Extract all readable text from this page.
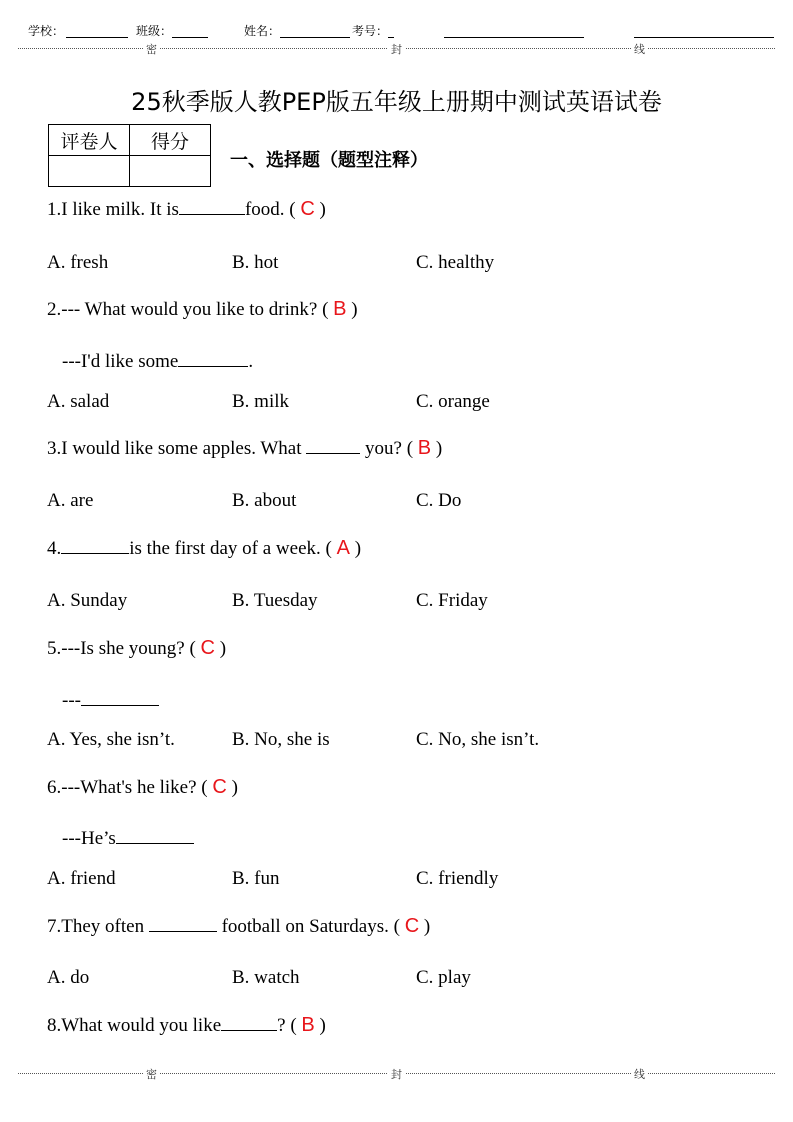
学校：	班级：	姓名：	考号：
密	封	线
25秋季版人教PEP版五年级上册期中测试英语试卷
评卷人	得分

一、选择题（题型注释）
1.I like milk. It is	food. ( C )
A. fresh	B. hot	C. healthy
2.--- What would you like to drink? ( B )
---I'd like some	.
A. salad	B. milk	C. orange
3.I would like some apples. What	you? ( B )
A. are	B. about	C. Do
4.	is the first day of a week. ( A )
A. Sunday	B. Tuesday	C. Friday
5.---Is she young? ( C )
---
A. Yes, she isn’t.	B. No, she is	C. No, she isn’t.
6.---What's he like? ( C )
---He’s
A. friend	B. fun	C. friendly
7.They often	football on Saturdays. ( C )
A. do	B. watch	C. play
8.What would you like	? ( B )
密	封	线
